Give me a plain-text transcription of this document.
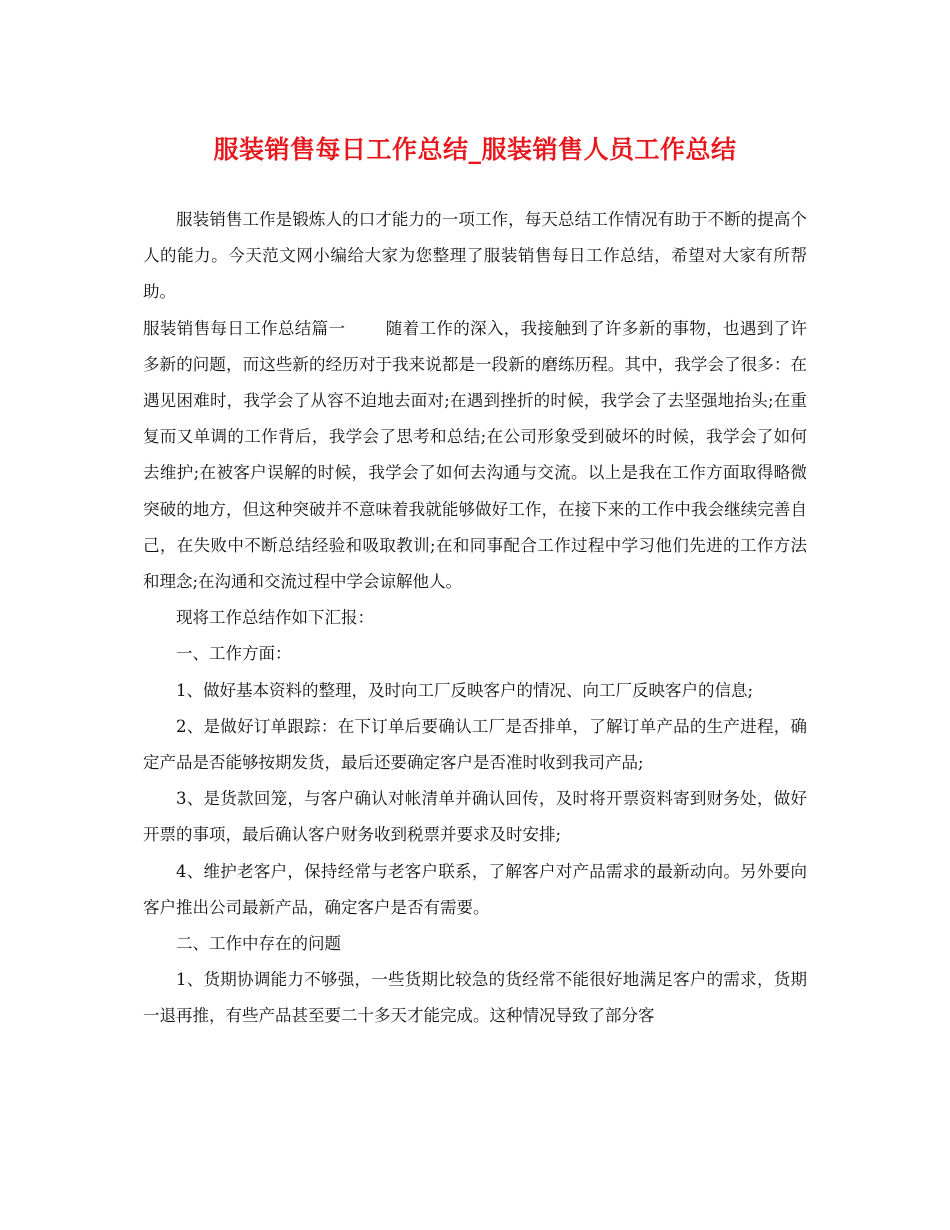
服装销售每日工作总结_服装销售人员工作总结

服装销售工作是锻炼人的口才能力的一项工作，每天总结工作情况有助于不断的提高个人的能力。今天范文网小编给大家为您整理了服装销售每日工作总结，希望对大家有所帮助。

服装销售每日工作总结篇一 随着工作的深入，我接触到了许多新的事物，也遇到了许多新的问题，而这些新的经历对于我来说都是一段新的磨练历程。其中，我学会了很多：在遇见困难时，我学会了从容不迫地去面对;在遇到挫折的时候，我学会了去坚强地抬头;在重复而又单调的工作背后，我学会了思考和总结;在公司形象受到破坏的时候，我学会了如何去维护;在被客户误解的时候，我学会了如何去沟通与交流。以上是我在工作方面取得略微突破的地方，但这种突破并不意味着我就能够做好工作，在接下来的工作中我会继续完善自己，在失败中不断总结经验和吸取教训;在和同事配合工作过程中学习他们先进的工作方法和理念;在沟通和交流过程中学会谅解他人。

现将工作总结作如下汇报：

一、工作方面：

1、做好基本资料的整理，及时向工厂反映客户的情况、向工厂反映客户的信息;

2、是做好订单跟踪：在下订单后要确认工厂是否排单，了解订单产品的生产进程，确定产品是否能够按期发货，最后还要确定客户是否准时收到我司产品;

3、是货款回笼，与客户确认对帐清单并确认回传，及时将开票资料寄到财务处，做好开票的事项，最后确认客户财务收到税票并要求及时安排;

4、维护老客户，保持经常与老客户联系，了解客户对产品需求的最新动向。另外要向客户推出公司最新产品，确定客户是否有需要。

二、工作中存在的问题

1、货期协调能力不够强，一些货期比较急的货经常不能很好地满足客户的需求，货期一退再推，有些产品甚至要二十多天才能完成。这种情况导致了部分客
